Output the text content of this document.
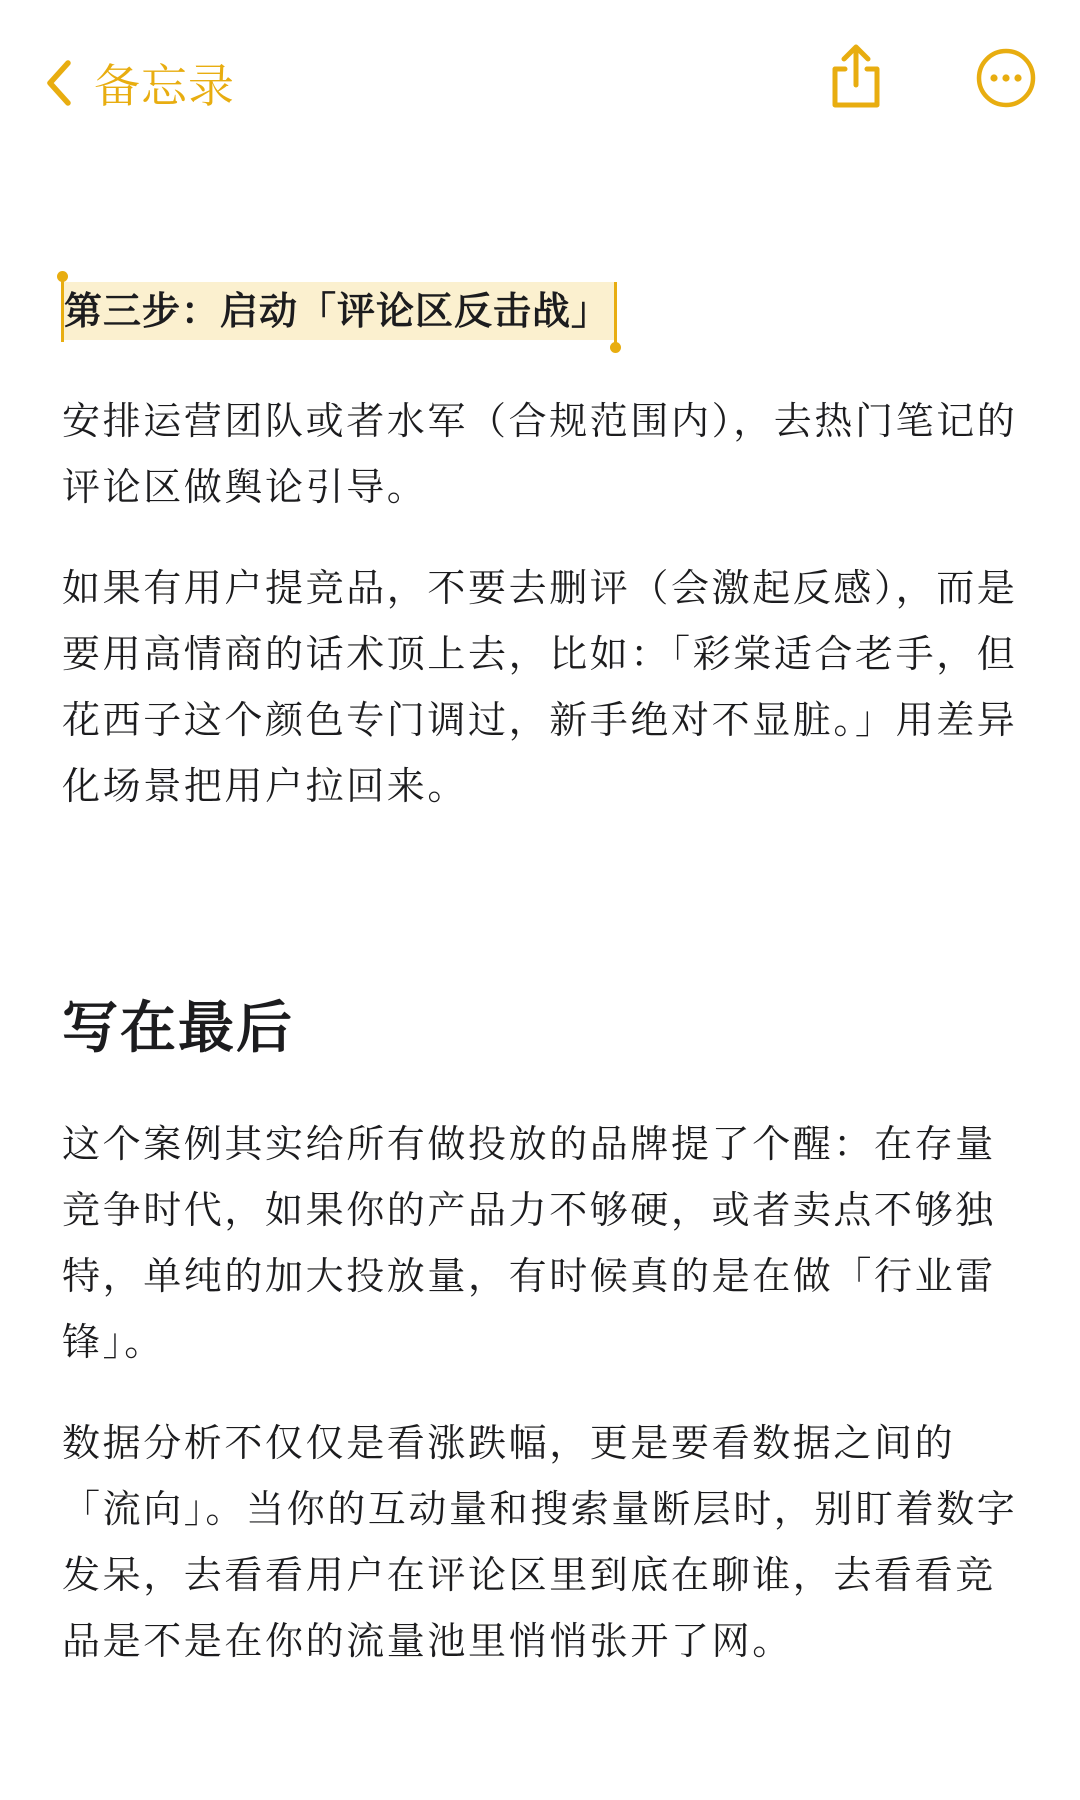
备忘录
第三步：启动「评论区反击战」

安排运营团队或者水军（合规范围内），去热门笔记的评论区做舆论引导。

如果有用户提竞品，不要去删评（会激起反感），而是要用高情商的话术顶上去，比如：「彩棠适合老手，但花西子这个颜色专门调过，新手绝对不显脏。」用差异化场景把用户拉回来。

写在最后

这个案例其实给所有做投放的品牌提了个醒：在存量竞争时代，如果你的产品力不够硬，或者卖点不够独特，单纯的加大投放量，有时候真的是在做「行业雷锋」。

数据分析不仅仅是看涨跌幅，更是要看数据之间的「流向」。当你的互动量和搜索量断层时，别盯着数字发呆，去看看用户在评论区里到底在聊谁，去看看竞品是不是在你的流量池里悄悄张开了网。
